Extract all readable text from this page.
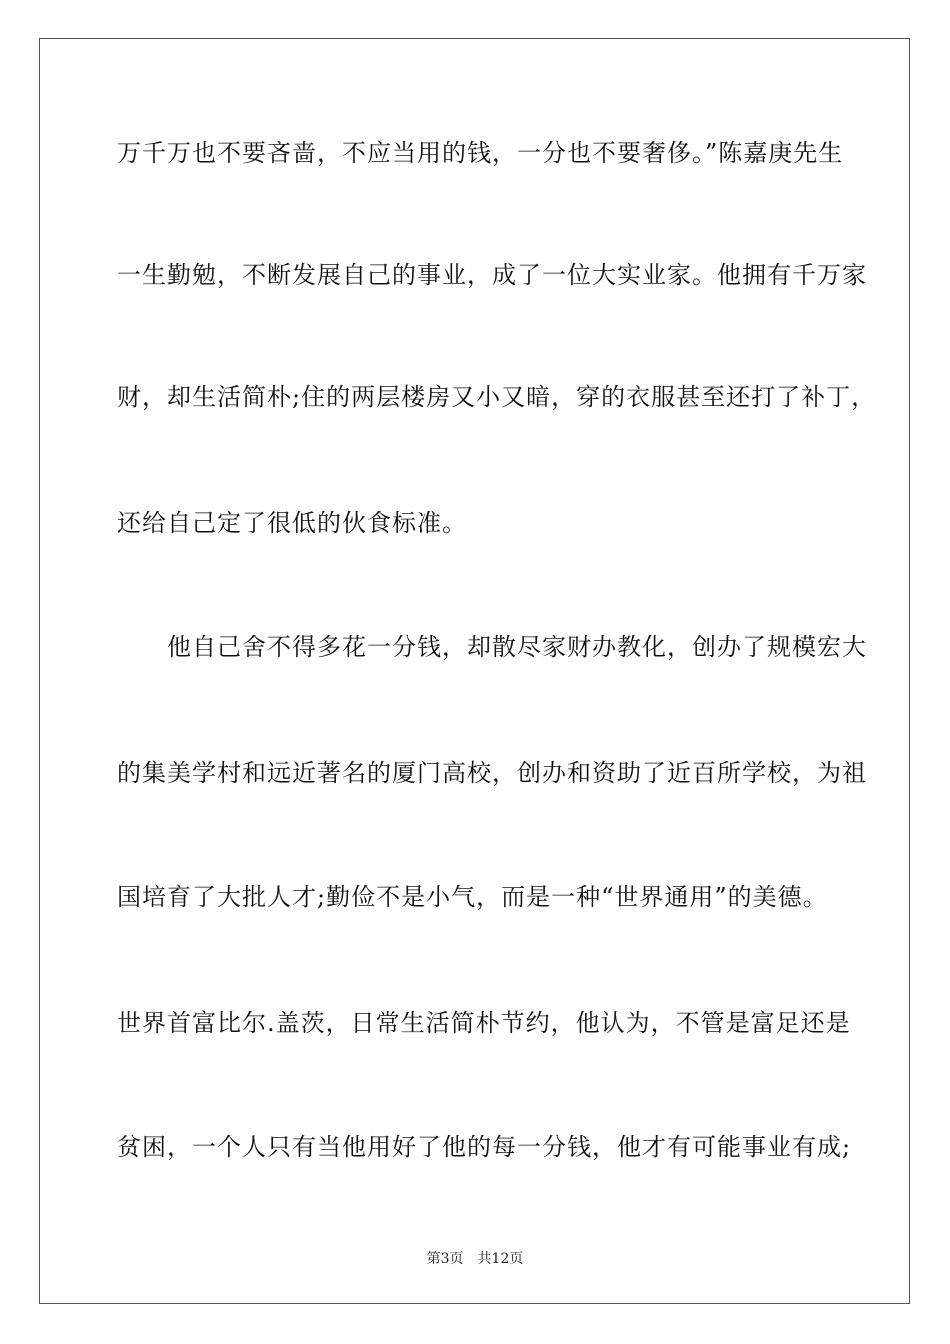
万千万也不要吝啬，不应当用的钱，一分也不要奢侈。”陈嘉庚先生
一生勤勉，不断发展自己的事业，成了一位大实业家。他拥有千万家
财，却生活简朴;住的两层楼房又小又暗，穿的衣服甚至还打了补丁，
还给自己定了很低的伙食标准。
　　他自己舍不得多花一分钱，却散尽家财办教化，创办了规模宏大
的集美学村和远近著名的厦门高校，创办和资助了近百所学校，为祖
国培育了大批人才;勤俭不是小气，而是一种“世界通用”的美德。
世界首富比尔.盖茨，日常生活简朴节约，他认为，不管是富足还是
贫困，一个人只有当他用好了他的每一分钱，他才有可能事业有成;
第3页 共12页
